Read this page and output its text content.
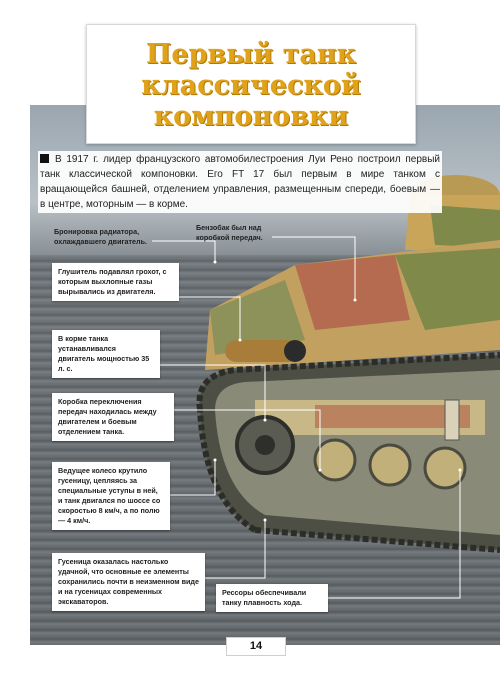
Первый танк классической компоновки
В 1917 г. лидер французского автомобилестроения Луи Рено построил первый танк классической компоновки. Его FT 17 был первым в мире танком с вращающейся башней, отделением управления, размещенным спереди, боевым — в центре, моторным — в корме.
Бронировка радиатора, охлаждавшего двигатель.
Бензобак был над коробкой передач.
Глушитель подавлял грохот, с которым выхлопные газы вырывались из двигателя.
В корме танка устанавливался двигатель мощностью 35 л. с.
Коробка переключения передач находилась между двигателем и боевым отделением танка.
Ведущее колесо крутило гусеницу, цепляясь за специальные уступы в ней, и танк двигался по шоссе со скоростью 8 км/ч, а по полю — 4 км/ч.
Гусеница оказалась настолько удачной, что основные ее элементы сохранились почти в неизменном виде и на гусеницах современных экскаваторов.
Рессоры обеспечивали танку плавность хода.
14
